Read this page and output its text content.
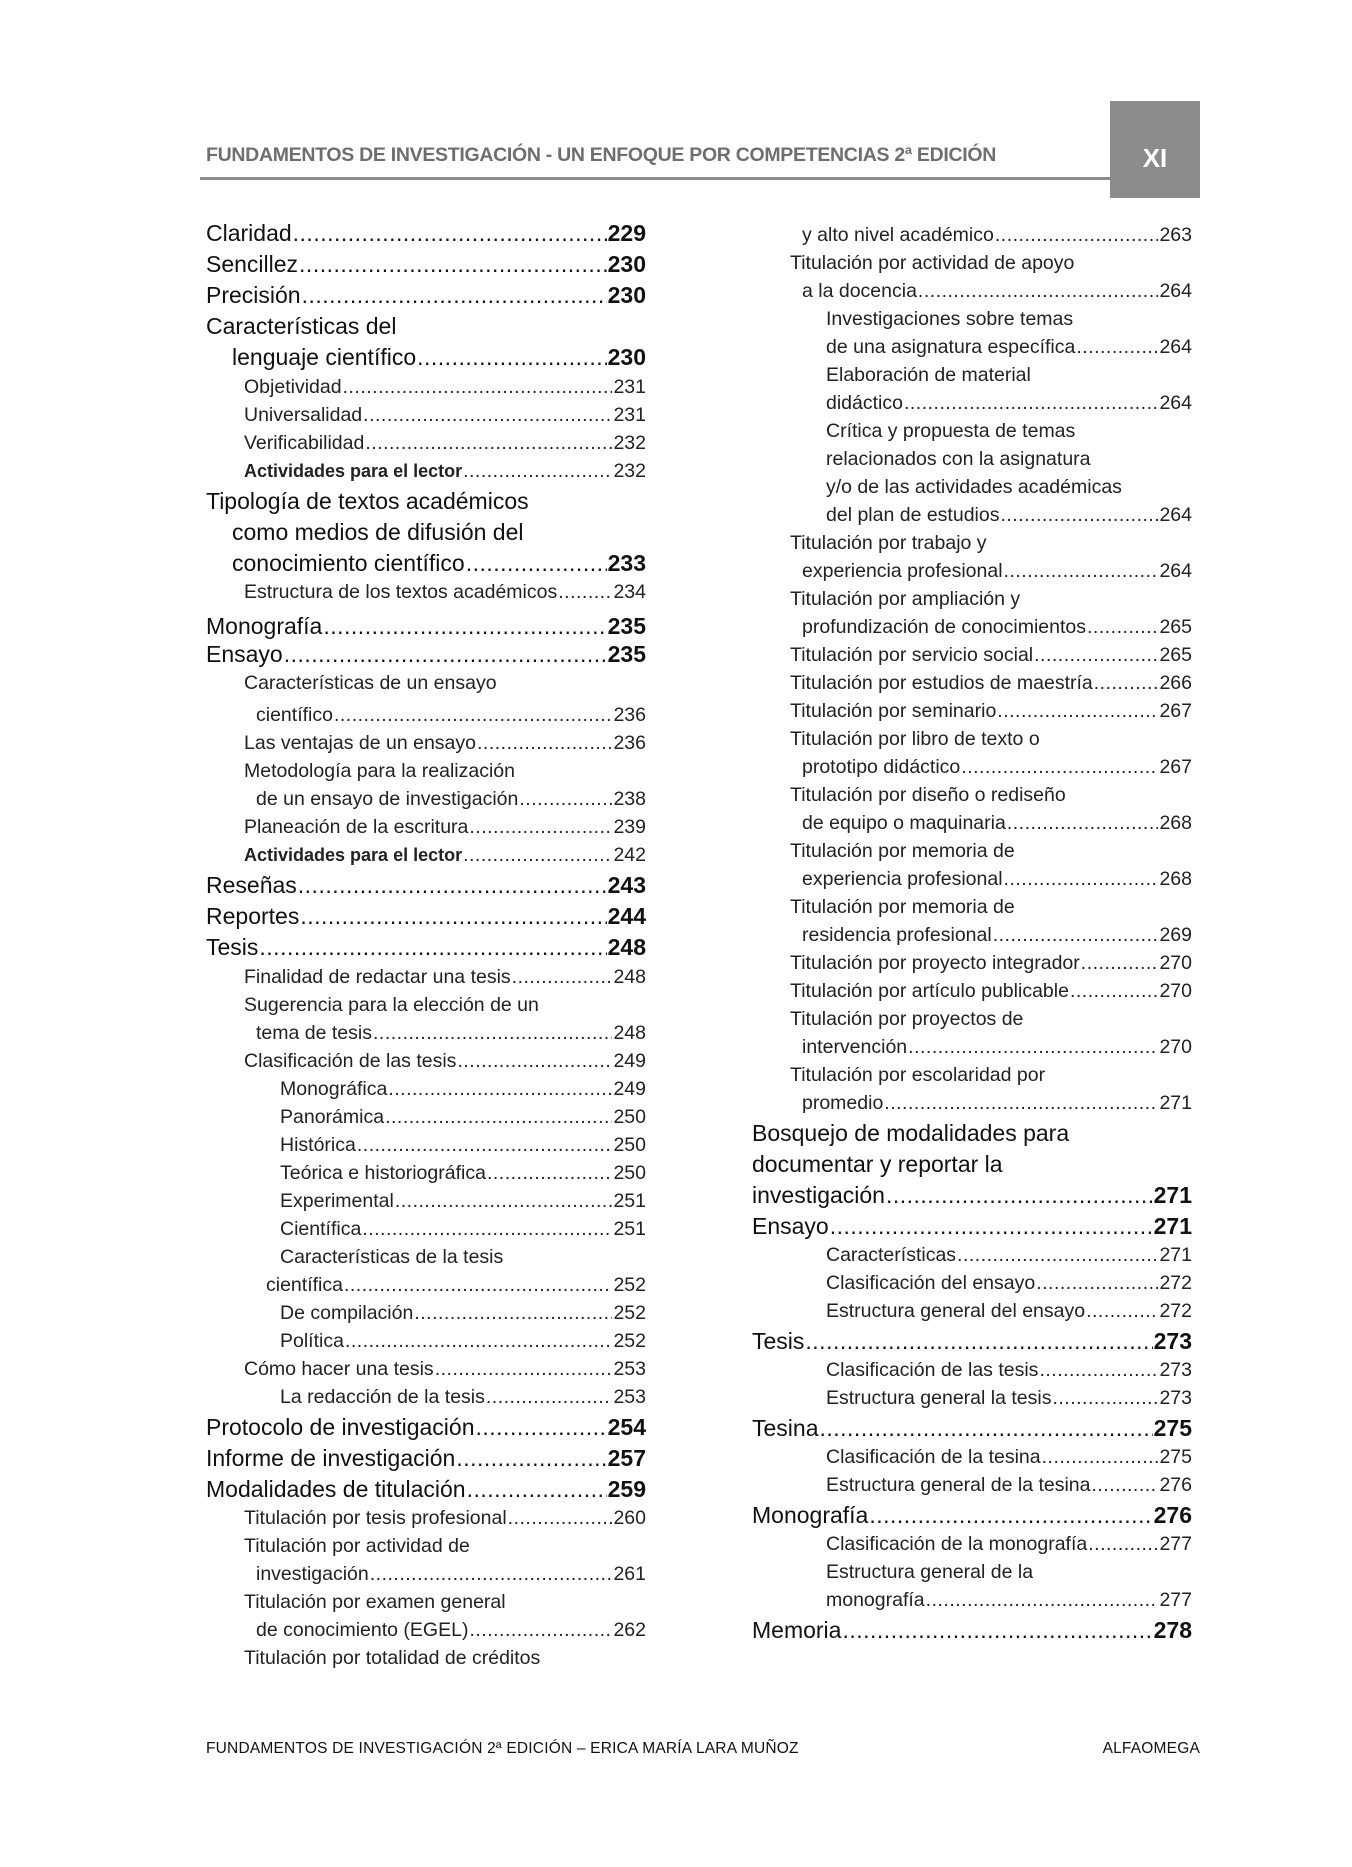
FUNDAMENTOS DE INVESTIGACIÓN - UN ENFOQUE POR COMPETENCIAS 2ª EDICIÓN	XI
Claridad .....	229
Sencillez .....	230
Precisión .....	230
Características del
lenguaje científico .....	230
Objetividad .....	231
Universalidad .....	231
Verificabilidad .....	232
Actividades para el lector .....	232
Tipología de textos académicos
como medios de difusión del
conocimiento científico .....	233
Estructura de los textos académicos .....	234
Monografía .....	235
Ensayo .....	235
Características de un ensayo
científico .....	236
Las ventajas de un ensayo .....	236
Metodología para la realización
de un ensayo de investigación .....	238
Planeación de la escritura .....	239
Actividades para el lector .....	242
Reseñas .....	243
Reportes .....	244
Tesis .....	248
Finalidad de redactar una tesis .....	248
Sugerencia para la elección de un
tema de tesis .....	248
Clasificación de las tesis .....	249
Monográfica .....	249
Panorámica .....	250
Histórica .....	250
Teórica e historiográfica .....	250
Experimental .....	251
Científica .....	251
Características de la tesis
científica .....	252
De compilación .....	252
Política .....	252
Cómo hacer una tesis .....	253
La redacción de la tesis .....	253
Protocolo de investigación .....	254
Informe de investigación .....	257
Modalidades de titulación .....	259
Titulación por tesis profesional .....	260
Titulación por actividad de
investigación .....	261
Titulación por examen general
de conocimiento (EGEL) .....	262
Titulación por totalidad de créditos
y alto nivel académico .....	263
Titulación por actividad de apoyo
a la docencia .....	264
Investigaciones sobre temas
de una asignatura específica .....	264
Elaboración de material
didáctico .....	264
Crítica y propuesta de temas
relacionados con la asignatura
y/o de las actividades académicas
del plan de estudios .....	264
Titulación por trabajo y
experiencia profesional .....	264
Titulación por ampliación y
profundización de conocimientos .....	265
Titulación por servicio social .....	265
Titulación por estudios de maestría .....	266
Titulación por seminario .....	267
Titulación por libro de texto o
prototipo didáctico .....	267
Titulación por diseño o rediseño
de equipo o maquinaria .....	268
Titulación por memoria de
experiencia profesional .....	268
Titulación por memoria de
residencia profesional .....	269
Titulación por proyecto integrador .....	270
Titulación por artículo publicable .....	270
Titulación por proyectos de
intervención .....	270
Titulación por escolaridad por
promedio .....	271
Bosquejo de modalidades para
documentar y reportar la
investigación .....	271
Ensayo .....	271
Características .....	271
Clasificación del ensayo .....	272
Estructura general del ensayo .....	272
Tesis .....	273
Clasificación de las tesis .....	273
Estructura general la tesis .....	273
Tesina .....	275
Clasificación de la tesina .....	275
Estructura general de la tesina .....	276
Monografía .....	276
Clasificación de la monografía .....	277
Estructura general de la
monografía .....	277
Memoria .....	278
FUNDAMENTOS DE INVESTIGACIÓN 2ª EDICIÓN – ERICA MARÍA LARA MUÑOZ	ALFAOMEGA
